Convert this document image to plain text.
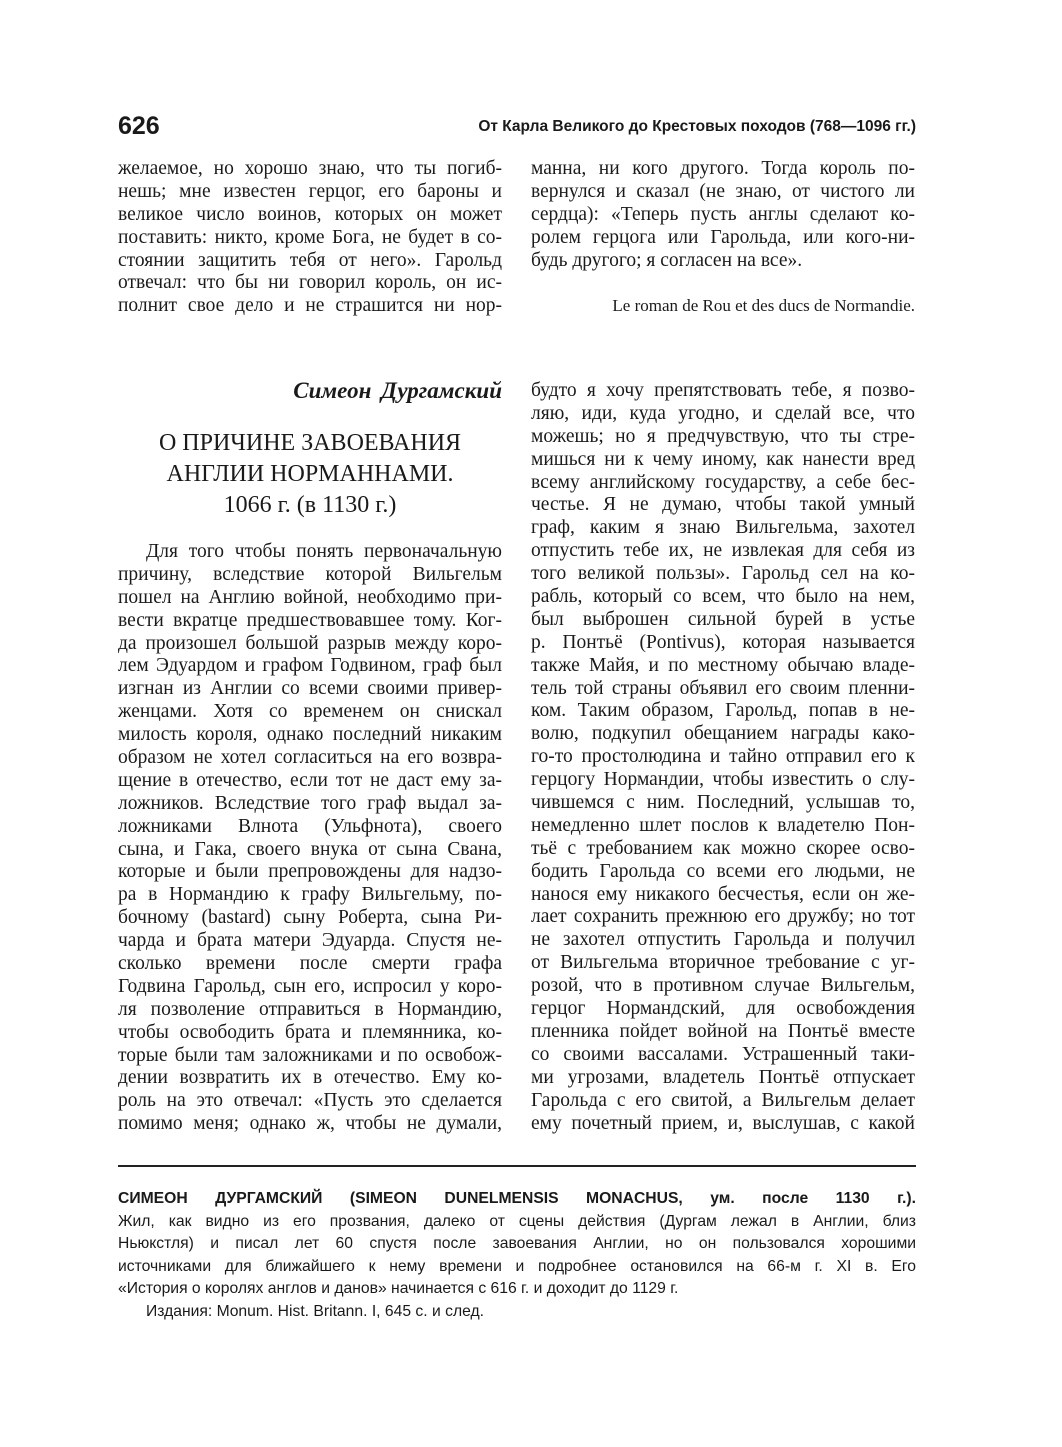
626	От Карла Великого до Крестовых походов (768—1096 гг.)
желаемое, но хорошо знаю, что ты погиб-
нешь; мне известен герцог, его бароны и
великое число воинов, которых он может
поставить: никто, кроме Бога, не будет в со-
стоянии защитить тебя от него». Гарольд
отвечал: что бы ни говорил король, он ис-
полнит свое дело и не страшится ни нор-
манна, ни кого другого. Тогда король по-
вернулся и сказал (не знаю, от чистого ли
сердца): «Теперь пусть англы сделают ко-
ролем герцога или Гарольда, или кого-ни-
будь другого; я согласен на все».
Le roman de Rou et des ducs de Normandie.
Симеон Дургамский
О ПРИЧИНЕ ЗАВОЕВАНИЯ
АНГЛИИ НОРМАННАМИ.
1066 г. (в 1130 г.)
Для того чтобы понять первоначальную
причину, вследствие которой Вильгельм
пошел на Англию войной, необходимо при-
вести вкратце предшествовавшее тому. Ког-
да произошел большой разрыв между коро-
лем Эдуардом и графом Годвином, граф был
изгнан из Англии со всеми своими привер-
женцами. Хотя со временем он снискал
милость короля, однако последний никаким
образом не хотел согласиться на его возвра-
щение в отечество, если тот не даст ему за-
ложников. Вследствие того граф выдал за-
ложниками Влнота (Ульфнота), своего
сына, и Гака, своего внука от сына Свана,
которые и были препровождены для надзо-
ра в Нормандию к графу Вильгельму, по-
бочному (bastard) сыну Роберта, сына Ри-
чарда и брата матери Эдуарда. Спустя не-
сколько времени после смерти графа
Годвина Гарольд, сын его, испросил у коро-
ля позволение отправиться в Нормандию,
чтобы освободить брата и племянника, ко-
торые были там заложниками и по освобож-
дении возвратить их в отечество. Ему ко-
роль на это отвечал: «Пусть это сделается
помимо меня; однако ж, чтобы не думали,
будто я хочу препятствовать тебе, я позво-
ляю, иди, куда угодно, и сделай все, что
можешь; но я предчувствую, что ты стре-
мишься ни к чему иному, как нанести вред
всему английскому государству, а себе бес-
честье. Я не думаю, чтобы такой умный
граф, каким я знаю Вильгельма, захотел
отпустить тебе их, не извлекая для себя из
того великой пользы». Гарольд сел на ко-
рабль, который со всем, что было на нем,
был выброшен сильной бурей в устье
р. Понтьё (Pontivus), которая называется
также Майя, и по местному обычаю владе-
тель той страны объявил его своим пленни-
ком. Таким образом, Гарольд, попав в не-
волю, подкупил обещанием награды како-
го-то простолюдина и тайно отправил его к
герцогу Нормандии, чтобы известить о слу-
чившемся с ним. Последний, услышав то,
немедленно шлет послов к владетелю Пон-
тьё с требованием как можно скорее осво-
бодить Гарольда со всеми его людьми, не
нанося ему никакого бесчестья, если он же-
лает сохранить прежнюю его дружбу; но тот
не захотел отпустить Гарольда и получил
от Вильгельма вторичное требование с уг-
розой, что в противном случае Вильгельм,
герцог Нормандский, для освобождения
пленника пойдет войной на Понтьё вместе
со своими вассалами. Устрашенный таки-
ми угрозами, владетель Понтьё отпускает
Гарольда с его свитой, а Вильгельм делает
ему почетный прием, и, выслушав, с какой
СИМЕОН ДУРГАМСКИЙ (SIMEON DUNELMENSIS MONACHUS, ум. после 1130 г.).
Жил, как видно из его прозвания, далеко от сцены действия (Дургам лежал в Англии, близ
Ньюкстля) и писал лет 60 спустя после завоевания Англии, но он пользовался хорошими
источниками для ближайшего к нему времени и подробнее остановился на 66-м г. XI в. Его
«История о королях англов и данов» начинается с 616 г. и доходит до 1129 г.
Издания: Monum. Hist. Britann. I, 645 с. и след.
